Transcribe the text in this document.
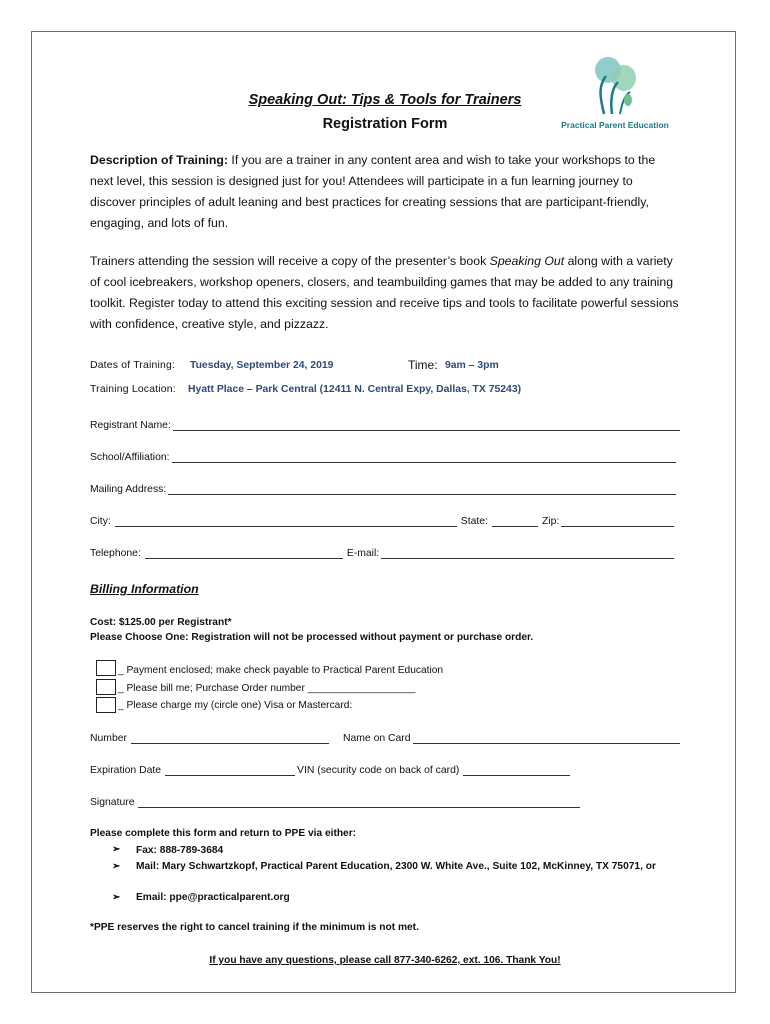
Practical Parent Education
Speaking Out: Tips & Tools for Trainers
Registration Form
Description of Training: If you are a trainer in any content area and wish to take your workshops to the next level, this session is designed just for you! Attendees will participate in a fun learning journey to discover principles of adult leaning and best practices for creating sessions that are participant-friendly, engaging, and lots of fun.
Trainers attending the session will receive a copy of the presenter’s book Speaking Out along with a variety of cool icebreakers, workshop openers, closers, and teambuilding games that may be added to any training toolkit. Register today to attend this exciting session and receive tips and tools to facilitate powerful sessions with confidence, creative style, and pizzazz.
Dates of Training: Tuesday, September 24, 2019	Time: 9am – 3pm
Training Location: Hyatt Place – Park Central (12411 N. Central Expy, Dallas, TX 75243)
Registrant Name:
School/Affiliation:
Mailing Address:
City:	State:	Zip:
Telephone:	E-mail:
Billing Information
Cost: $125.00 per Registrant*
Please Choose One: Registration will not be processed without payment or purchase order.
_ Payment enclosed; make check payable to Practical Parent Education
_ Please bill me; Purchase Order number ___________________
_ Please charge my (circle one) Visa or Mastercard:
Number	Name on Card
Expiration Date	VIN (security code on back of card)
Signature
Please complete this form and return to PPE via either:
➢ Fax: 888-789-3684
➢ Mail: Mary Schwartzkopf, Practical Parent Education, 2300 W. White Ave., Suite 102, McKinney, TX 75071, or
➢ Email: ppe@practicalparent.org
*PPE reserves the right to cancel training if the minimum is not met.
If you have any questions, please call 877-340-6262, ext. 106. Thank You!
